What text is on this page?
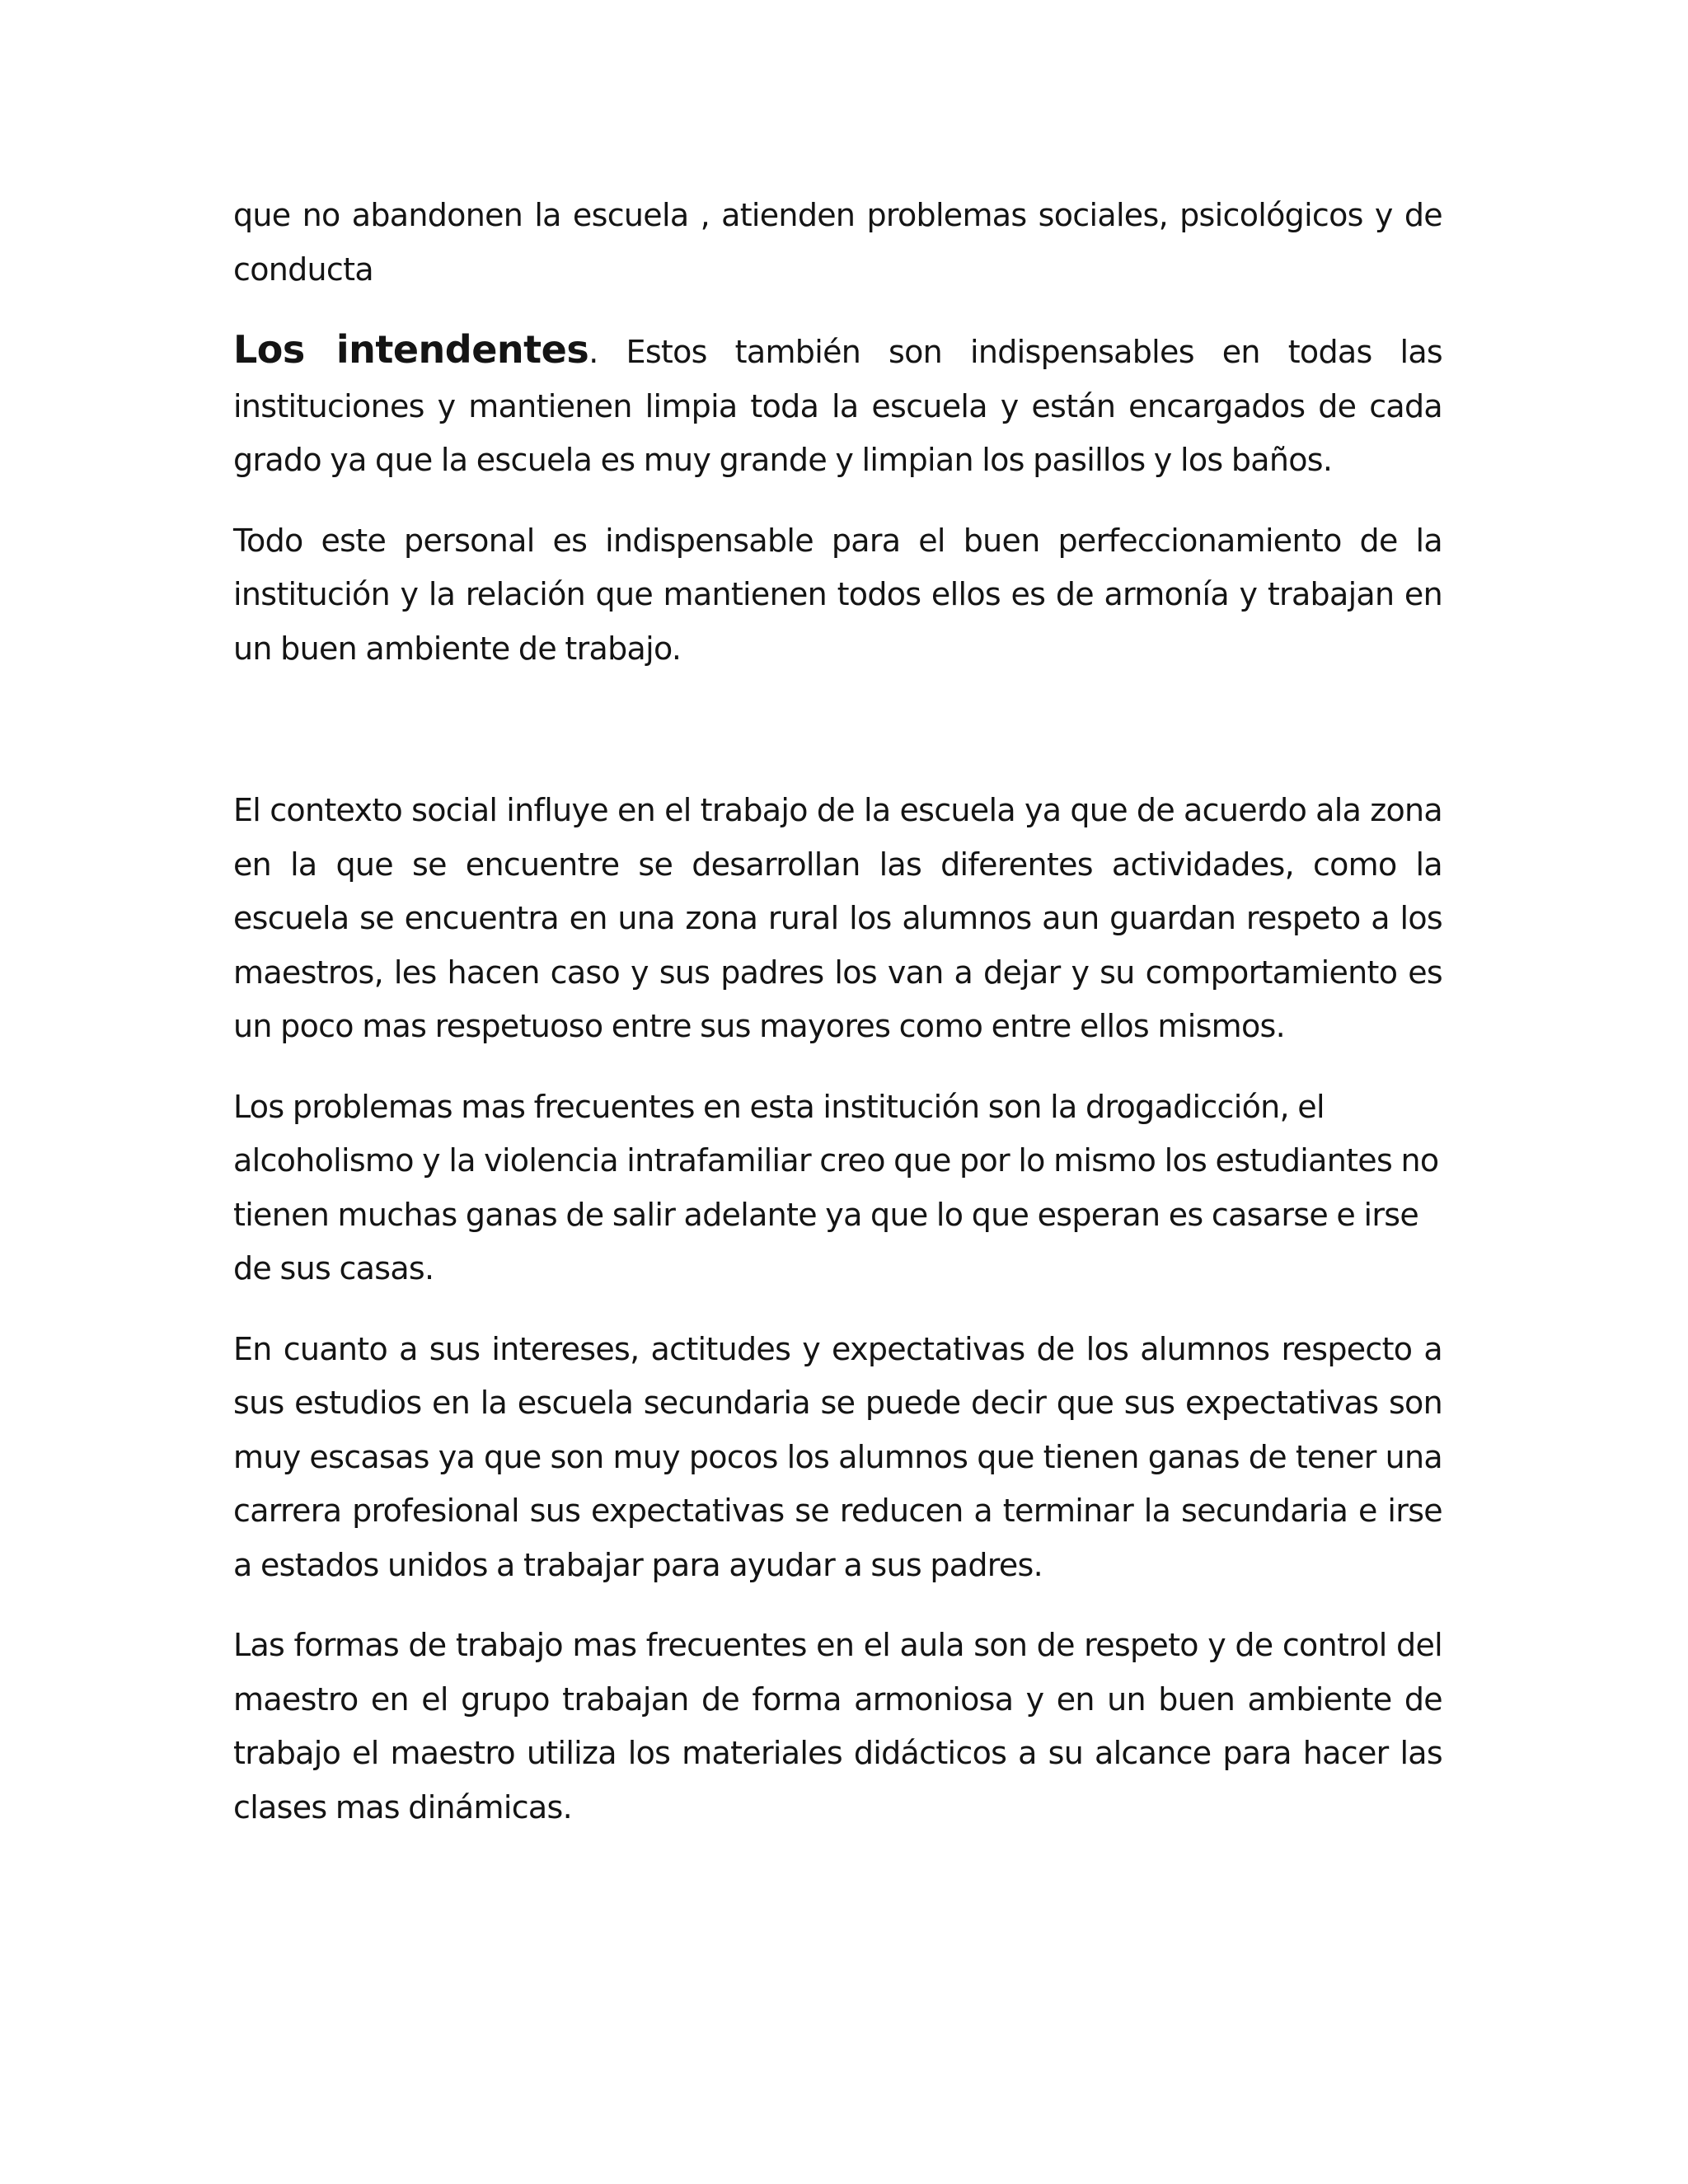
que no abandonen la escuela , atienden problemas sociales, psicológicos y de conducta

Los intendentes. Estos también son indispensables en todas las instituciones y mantienen limpia toda la escuela y están encargados de cada grado ya que la escuela es muy grande y limpian los pasillos y los baños.

Todo este personal es indispensable para el buen perfeccionamiento de la institución y la relación que mantienen todos ellos es de armonía y trabajan en un buen ambiente de trabajo.

El contexto social influye en el trabajo de la escuela ya que de acuerdo ala zona en la que se encuentre se desarrollan las diferentes actividades, como la escuela se encuentra en una zona rural los alumnos aun guardan respeto a los maestros, les hacen caso y sus padres los van a dejar y su comportamiento es un poco mas respetuoso entre sus mayores como entre ellos mismos.

Los problemas mas frecuentes en esta institución son la drogadicción, el alcoholismo y la violencia intrafamiliar creo que por lo mismo los estudiantes no tienen muchas ganas de salir adelante ya que lo que esperan es casarse e irse de sus casas.

En cuanto a sus intereses, actitudes y expectativas de los alumnos respecto a sus estudios en la escuela secundaria se puede decir que sus expectativas son muy escasas ya que son muy pocos los alumnos que tienen ganas de tener una carrera profesional sus expectativas se reducen a terminar la secundaria e irse a estados unidos a trabajar para ayudar a sus padres.

Las formas de trabajo mas frecuentes en el aula son de respeto y de control del maestro en el grupo trabajan de forma armoniosa y en un buen ambiente de trabajo el maestro utiliza los materiales didácticos a su alcance para hacer las clases mas dinámicas.
